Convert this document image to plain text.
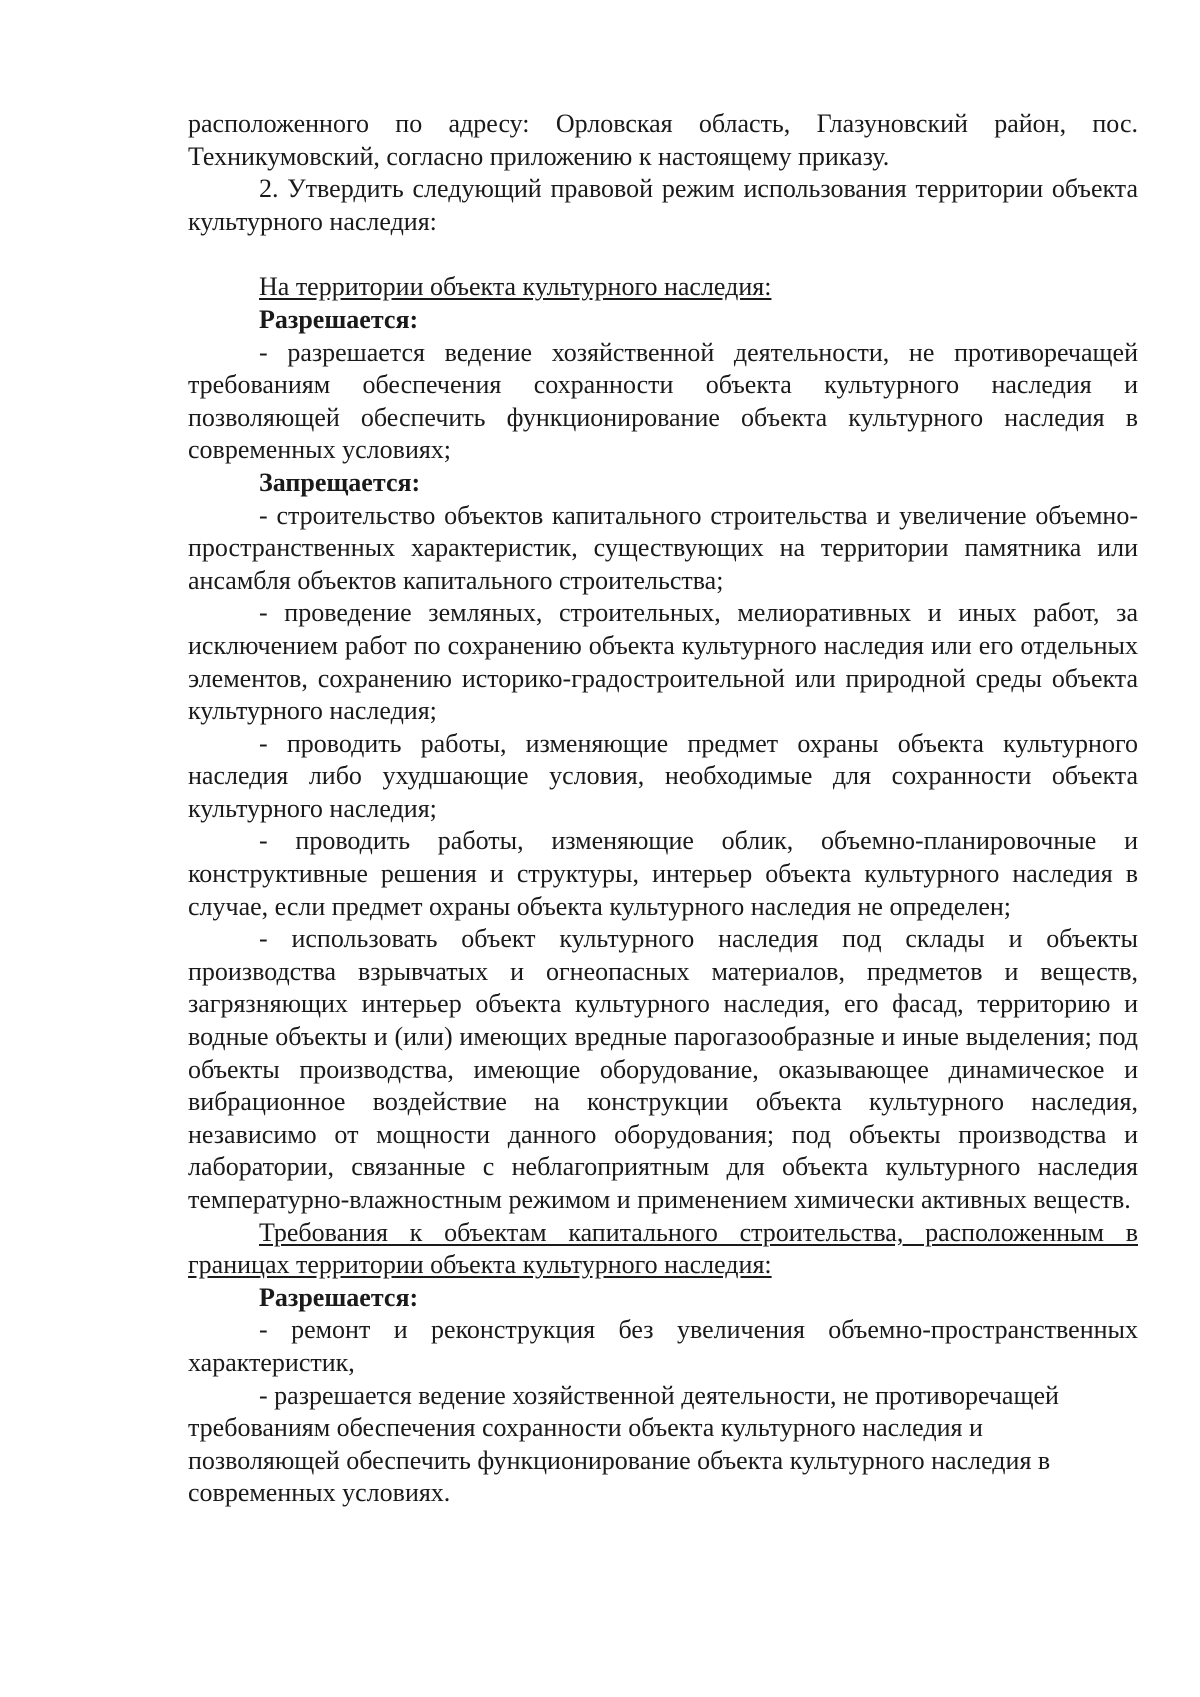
расположенного по адресу: Орловская область, Глазуновский район, пос. Техникумовский, согласно приложению к настоящему приказу.

2. Утвердить следующий правовой режим использования территории объекта культурного наследия:

На территории объекта культурного наследия:

Разрешается:

- разрешается ведение хозяйственной деятельности, не противоречащей требованиям обеспечения сохранности объекта культурного наследия и позволяющей обеспечить функционирование объекта культурного наследия в современных условиях;

Запрещается:

- строительство объектов капитального строительства и увеличение объемно-пространственных характеристик, существующих на территории памятника или ансамбля объектов капитального строительства;

- проведение земляных, строительных, мелиоративных и иных работ, за исключением работ по сохранению объекта культурного наследия или его отдельных элементов, сохранению историко-градостроительной или природной среды объекта культурного наследия;

- проводить работы, изменяющие предмет охраны объекта культурного наследия либо ухудшающие условия, необходимые для сохранности объекта культурного наследия;

- проводить работы, изменяющие облик, объемно-планировочные и конструктивные решения и структуры, интерьер объекта культурного наследия в случае, если предмет охраны объекта культурного наследия не определен;

- использовать объект культурного наследия под склады и объекты производства взрывчатых и огнеопасных материалов, предметов и веществ, загрязняющих интерьер объекта культурного наследия, его фасад, территорию и водные объекты и (или) имеющих вредные парогазообразные и иные выделения; под объекты производства, имеющие оборудование, оказывающее динамическое и вибрационное воздействие на конструкции объекта культурного наследия, независимо от мощности данного оборудования; под объекты производства и лаборатории, связанные с неблагоприятным для объекта культурного наследия температурно-влажностным режимом и применением химически активных веществ.

Требования к объектам капитального строительства, расположенным в границах территории объекта культурного наследия:

Разрешается:

- ремонт и реконструкция без увеличения объемно-пространственных характеристик,

- разрешается ведение хозяйственной деятельности, не противоречащей требованиям обеспечения сохранности объекта культурного наследия и позволяющей обеспечить функционирование объекта культурного наследия в современных условиях.
